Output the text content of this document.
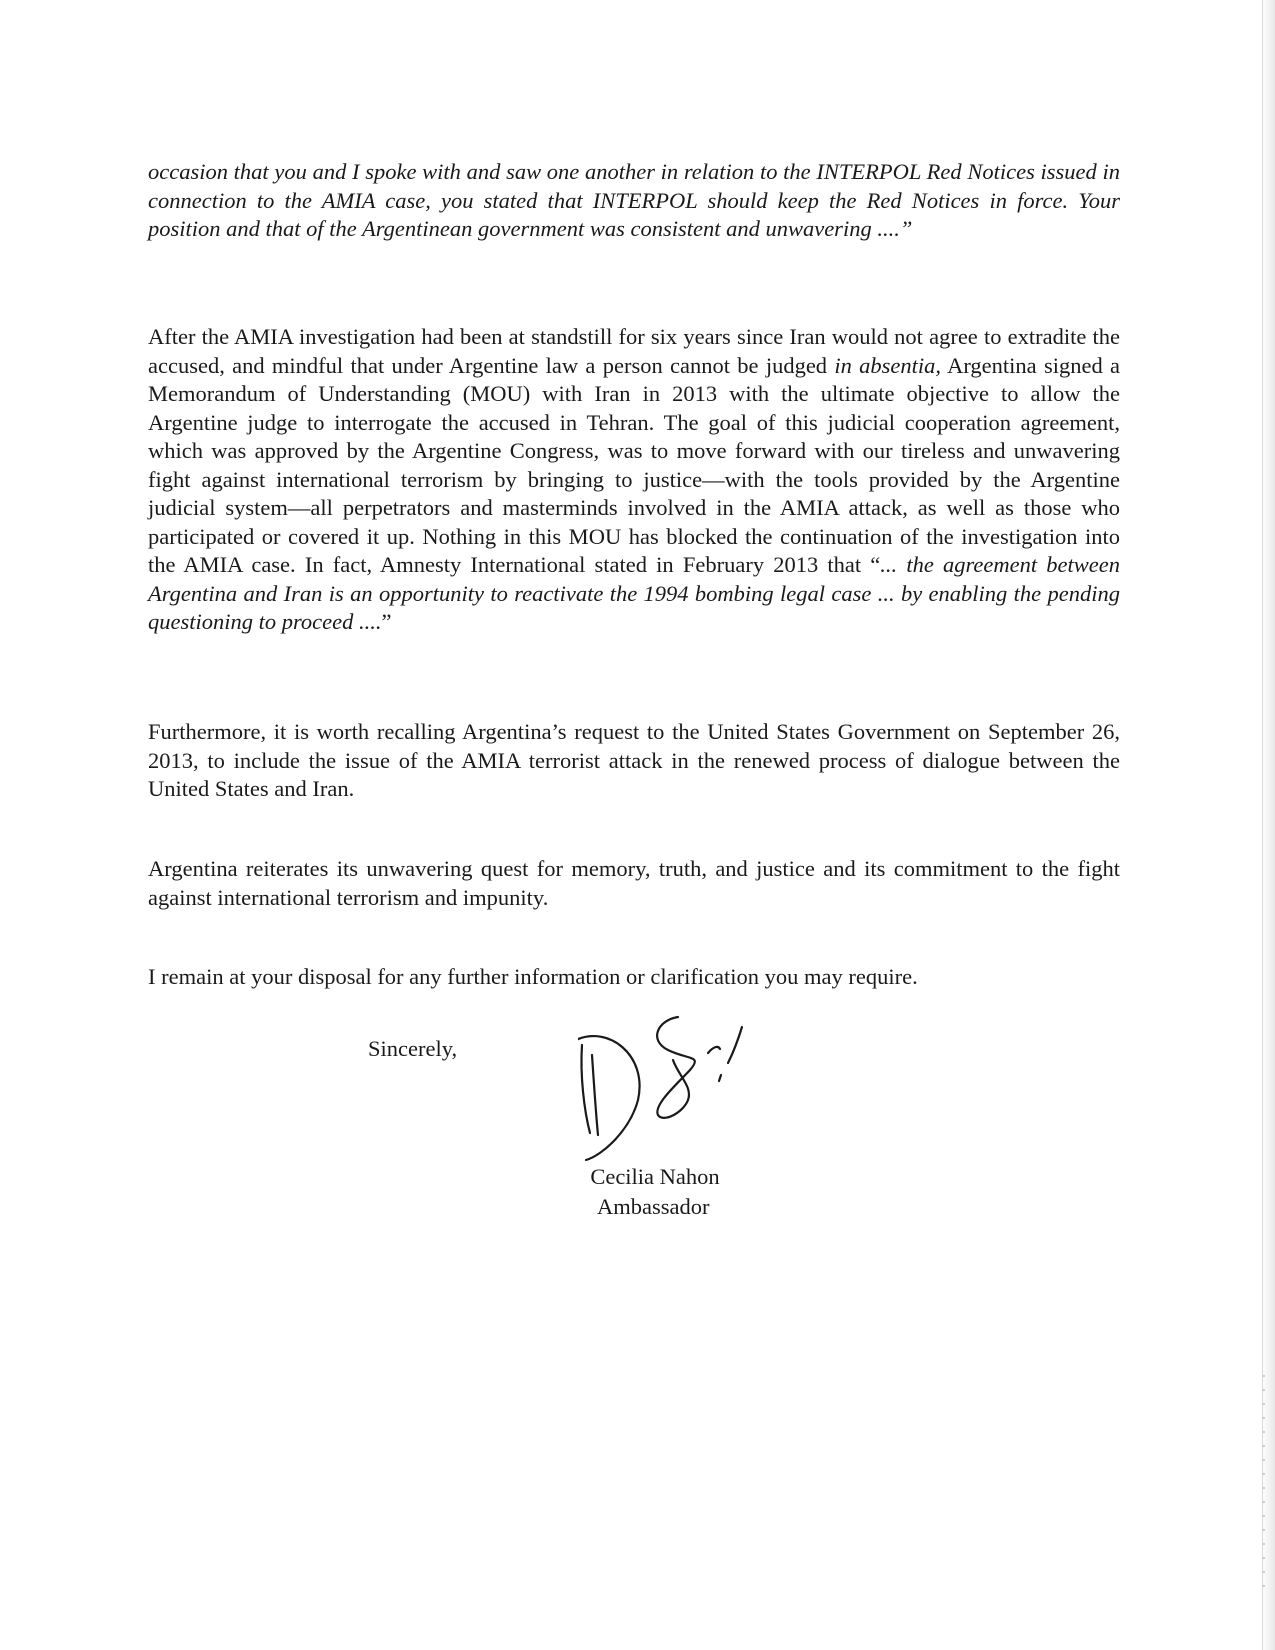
occasion that you and I spoke with and saw one another in relation to the INTERPOL Red Notices issued in connection to the AMIA case, you stated that INTERPOL should keep the Red Notices in force. Your position and that of the Argentinean government was consistent and unwavering ....”

After the AMIA investigation had been at standstill for six years since Iran would not agree to extradite the accused, and mindful that under Argentine law a person cannot be judged in absentia, Argentina signed a Memorandum of Understanding (MOU) with Iran in 2013 with the ultimate objective to allow the Argentine judge to interrogate the accused in Tehran. The goal of this judicial cooperation agreement, which was approved by the Argentine Congress, was to move forward with our tireless and unwavering fight against international terrorism by bringing to justice—with the tools provided by the Argentine judicial system—all perpetrators and masterminds involved in the AMIA attack, as well as those who participated or covered it up. Nothing in this MOU has blocked the continuation of the investigation into the AMIA case. In fact, Amnesty International stated in February 2013 that “... the agreement between Argentina and Iran is an opportunity to reactivate the 1994 bombing legal case ... by enabling the pending questioning to proceed ....”

Furthermore, it is worth recalling Argentina’s request to the United States Government on September 26, 2013, to include the issue of the AMIA terrorist attack in the renewed process of dialogue between the United States and Iran.

Argentina reiterates its unwavering quest for memory, truth, and justice and its commitment to the fight against international terrorism and impunity.

I remain at your disposal for any further information or clarification you may require.

Sincerely,
Cecilia Nahon
Ambassador
